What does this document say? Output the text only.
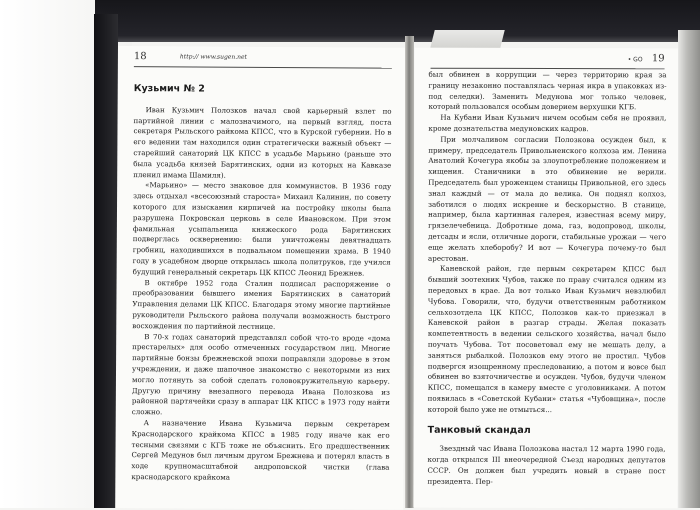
18	http:// www.sugen.net
Кузьмич № 2

Иван Кузьмич Полозков начал свой карьерный взлет по партийной линии с малозначимого, на первый взгляд, поста секретаря Рыльского райкома КПСС, что в Курской губернии. Но в его ведении там находился один стратегически важный объект — старейший санаторий ЦК КПСС в усадьбе Марьино (раньше это была усадьба князей Барятинских, одни из которых на Кавказе пленил имама Шамиля).

«Марьино» — место знаковое для коммунистов. В 1936 году здесь отдыхал «всесоюзный староста» Михаил Калинин, по совету которого для изыскания кирпичей на постройку школы была разрушена Покровская церковь в селе Ивановском. При этом фамильная усыпальница княжеского рода Барятинских подверглась осквернению: были уничтожены девятнадцать гробниц, находившихся в подвальном помещении храма. В 1940 году в усадебном дворце открылась школа политруков, где учился будущий генеральный секретарь ЦК КПСС Леонид Брежнев.

В октябре 1952 года Сталин подписал распоряжение о преобразовании бывшего имения Барятинских в санаторий Управления делами ЦК КПСС. Благодаря этому многие партийные руководители Рыльского района получали возможность быстрого восхождения по партийной лестнице.

В 70-х годах санаторий представлял собой что-то вроде «дома престарелых» для особо отмеченных государством лиц. Многие партийные бонзы брежневской эпохи поправляли здоровье в этом учреждении, и даже шапочное знакомство с некоторыми из них могло потянуть за собой сделать головокружительную карьеру. Другую причину внезапного перевода Ивана Полозкова из районной партячейки сразу в аппарат ЦК КПСС в 1973 году найти сложно.

А назначение Ивана Кузьмича первым секретарем Краснодарского крайкома КПСС в 1985 году иначе как его тесными связями с КГБ тоже не объяснить. Его предшественник Сергей Медунов был личным другом Брежнева и потерял власть в ходе крупномасштабной андроповской чистки (глава краснодарского крайкома

• GO 19

был обвинен в коррупции — через территорию края за границу незаконно поставлялась черная икра в упаковках из-под селедки). Заменить Медунова мог только человек, который пользовался особым доверием верхушки КГБ.

На Кубани Иван Кузьмич ничем особым себя не проявил, кроме дознательства медуновских кадров.

При молчаливом согласии Полозкова осужден был, к примеру, председатель Привольненского колхоза им. Ленина Анатолий Кочегура якобы за злоупотребление положением и хищения. Станичники в это обвинение не верили. Председатель был уроженцем станицы Привольной, его здесь знал каждый — от мала до велика. Он поднял колхоз, заботился о людях искренне и бескорыстно. В станице, например, была картинная галерея, известная всему миру, грязелечебница. Добротные дома, газ, водопровод, школы, детсады и ясли, отличные дороги, стабильные урожаи — чего еще желать хлеборобу? И вот — Кочегура почему-то был арестован.

Каневской район, где первым секретарем КПСС был бывший зоотехник Чубов, также по праву считался одним из передовых в крае. Да вот только Иван Кузьмич невзлюбил Чубова. Говорили, что, будучи ответственным работником сельхозотдела ЦК КПСС, Полозков как-то приезжал в Каневской район в разгар страды. Желая показать компетентность в ведении сельского хозяйства, начал было поучать Чубова. Тот посоветовал ему не мешать делу, а заняться рыбалкой. Полозков ему этого не простил. Чубов подвергся изощренному преследованию, а потом и вовсе был обвинен во взяточничестве и осужден. Чубов, будучи членом КПСС, помещался в камеру вместе с уголовниками. А потом появилась в «Советской Кубани» статья «Чубовщина», после которой было уже не отмыться...

Танковый скандал

Звездный час Ивана Полозкова настал 12 марта 1990 года, когда открылся III внеочередной Съезд народных депутатов СССР. Он должен был учредить новый в стране пост президента. Пер-
